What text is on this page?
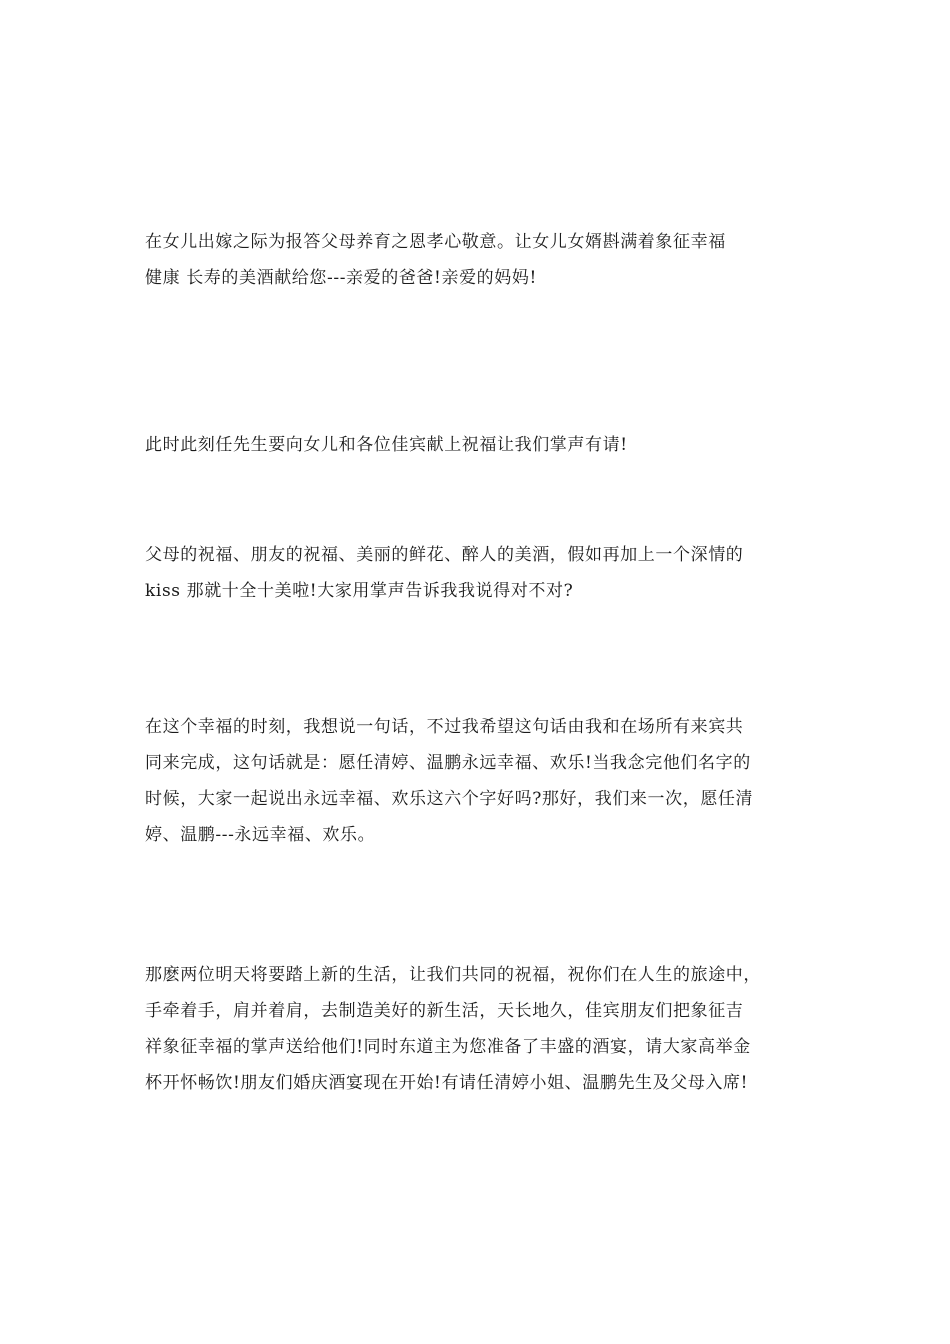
在女儿出嫁之际为报答父母养育之恩孝心敬意。让女儿女婿斟满着象征幸福
健康 长寿的美酒献给您---亲爱的爸爸!亲爱的妈妈!

此时此刻任先生要向女儿和各位佳宾献上祝福让我们掌声有请!

父母的祝福、朋友的祝福、美丽的鲜花、醉人的美酒，假如再加上一个深情的
kiss 那就十全十美啦!大家用掌声告诉我我说得对不对?

在这个幸福的时刻，我想说一句话，不过我希望这句话由我和在场所有来宾共
同来完成，这句话就是：愿任清婷、温鹏永远幸福、欢乐!当我念完他们名字的
时候，大家一起说出永远幸福、欢乐这六个字好吗?那好，我们来一次，愿任清
婷、温鹏---永远幸福、欢乐。

那麽两位明天将要踏上新的生活，让我们共同的祝福，祝你们在人生的旅途中，
手牵着手，肩并着肩，去制造美好的新生活，天长地久，佳宾朋友们把象征吉
祥象征幸福的掌声送给他们!同时东道主为您准备了丰盛的酒宴，请大家高举金
杯开怀畅饮!朋友们婚庆酒宴现在开始!有请任清婷小姐、温鹏先生及父母入席!
